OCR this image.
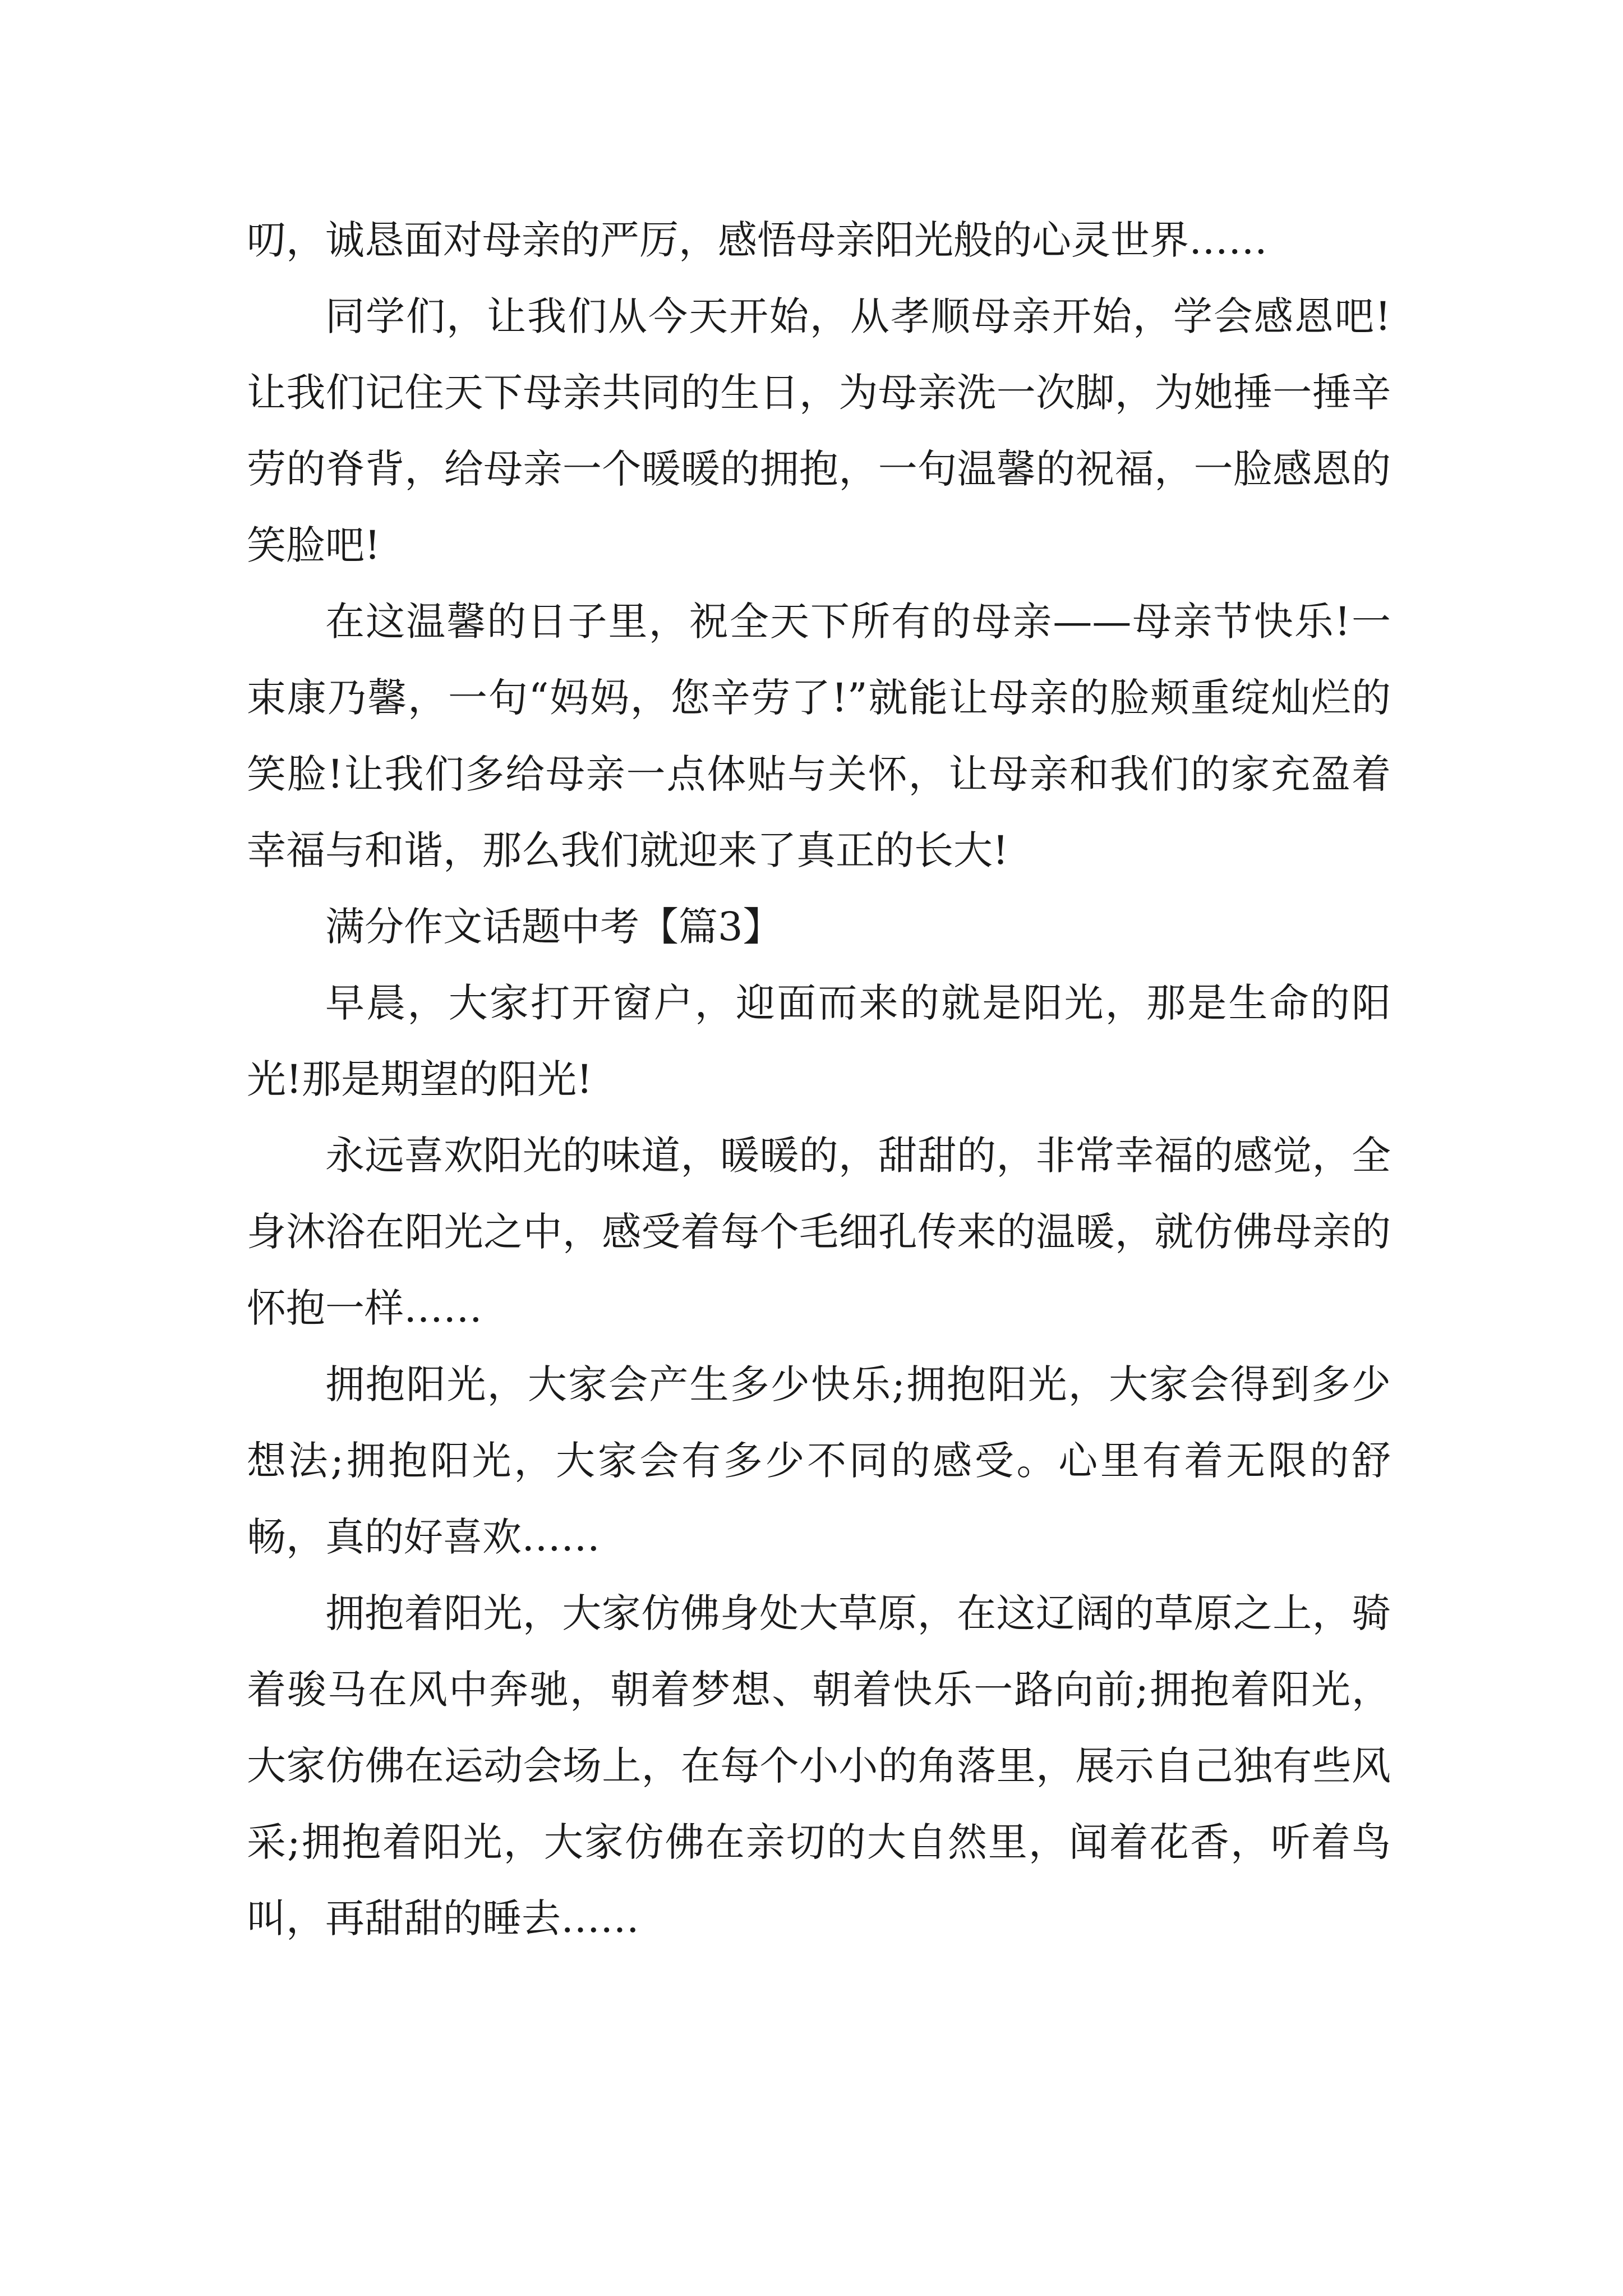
叨，诚恳面对母亲的严厉，感悟母亲阳光般的心灵世界……

同学们，让我们从今天开始，从孝顺母亲开始，学会感恩吧!让我们记住天下母亲共同的生日，为母亲洗一次脚，为她捶一捶辛劳的脊背，给母亲一个暖暖的拥抱，一句温馨的祝福，一脸感恩的笑脸吧!

在这温馨的日子里，祝全天下所有的母亲——母亲节快乐!一束康乃馨，一句“妈妈，您辛劳了!”就能让母亲的脸颊重绽灿烂的笑脸!让我们多给母亲一点体贴与关怀，让母亲和我们的家充盈着幸福与和谐，那么我们就迎来了真正的长大!

满分作文话题中考【篇3】

早晨，大家打开窗户，迎面而来的就是阳光，那是生命的阳光!那是期望的阳光!

永远喜欢阳光的味道，暖暖的，甜甜的，非常幸福的感觉，全身沐浴在阳光之中，感受着每个毛细孔传来的温暖，就仿佛母亲的怀抱一样……

拥抱阳光，大家会产生多少快乐;拥抱阳光，大家会得到多少想法;拥抱阳光，大家会有多少不同的感受。心里有着无限的舒畅，真的好喜欢……

拥抱着阳光，大家仿佛身处大草原，在这辽阔的草原之上，骑着骏马在风中奔驰，朝着梦想、朝着快乐一路向前;拥抱着阳光，大家仿佛在运动会场上，在每个小小的角落里，展示自己独有些风采;拥抱着阳光，大家仿佛在亲切的大自然里，闻着花香，听着鸟叫，再甜甜的睡去……
